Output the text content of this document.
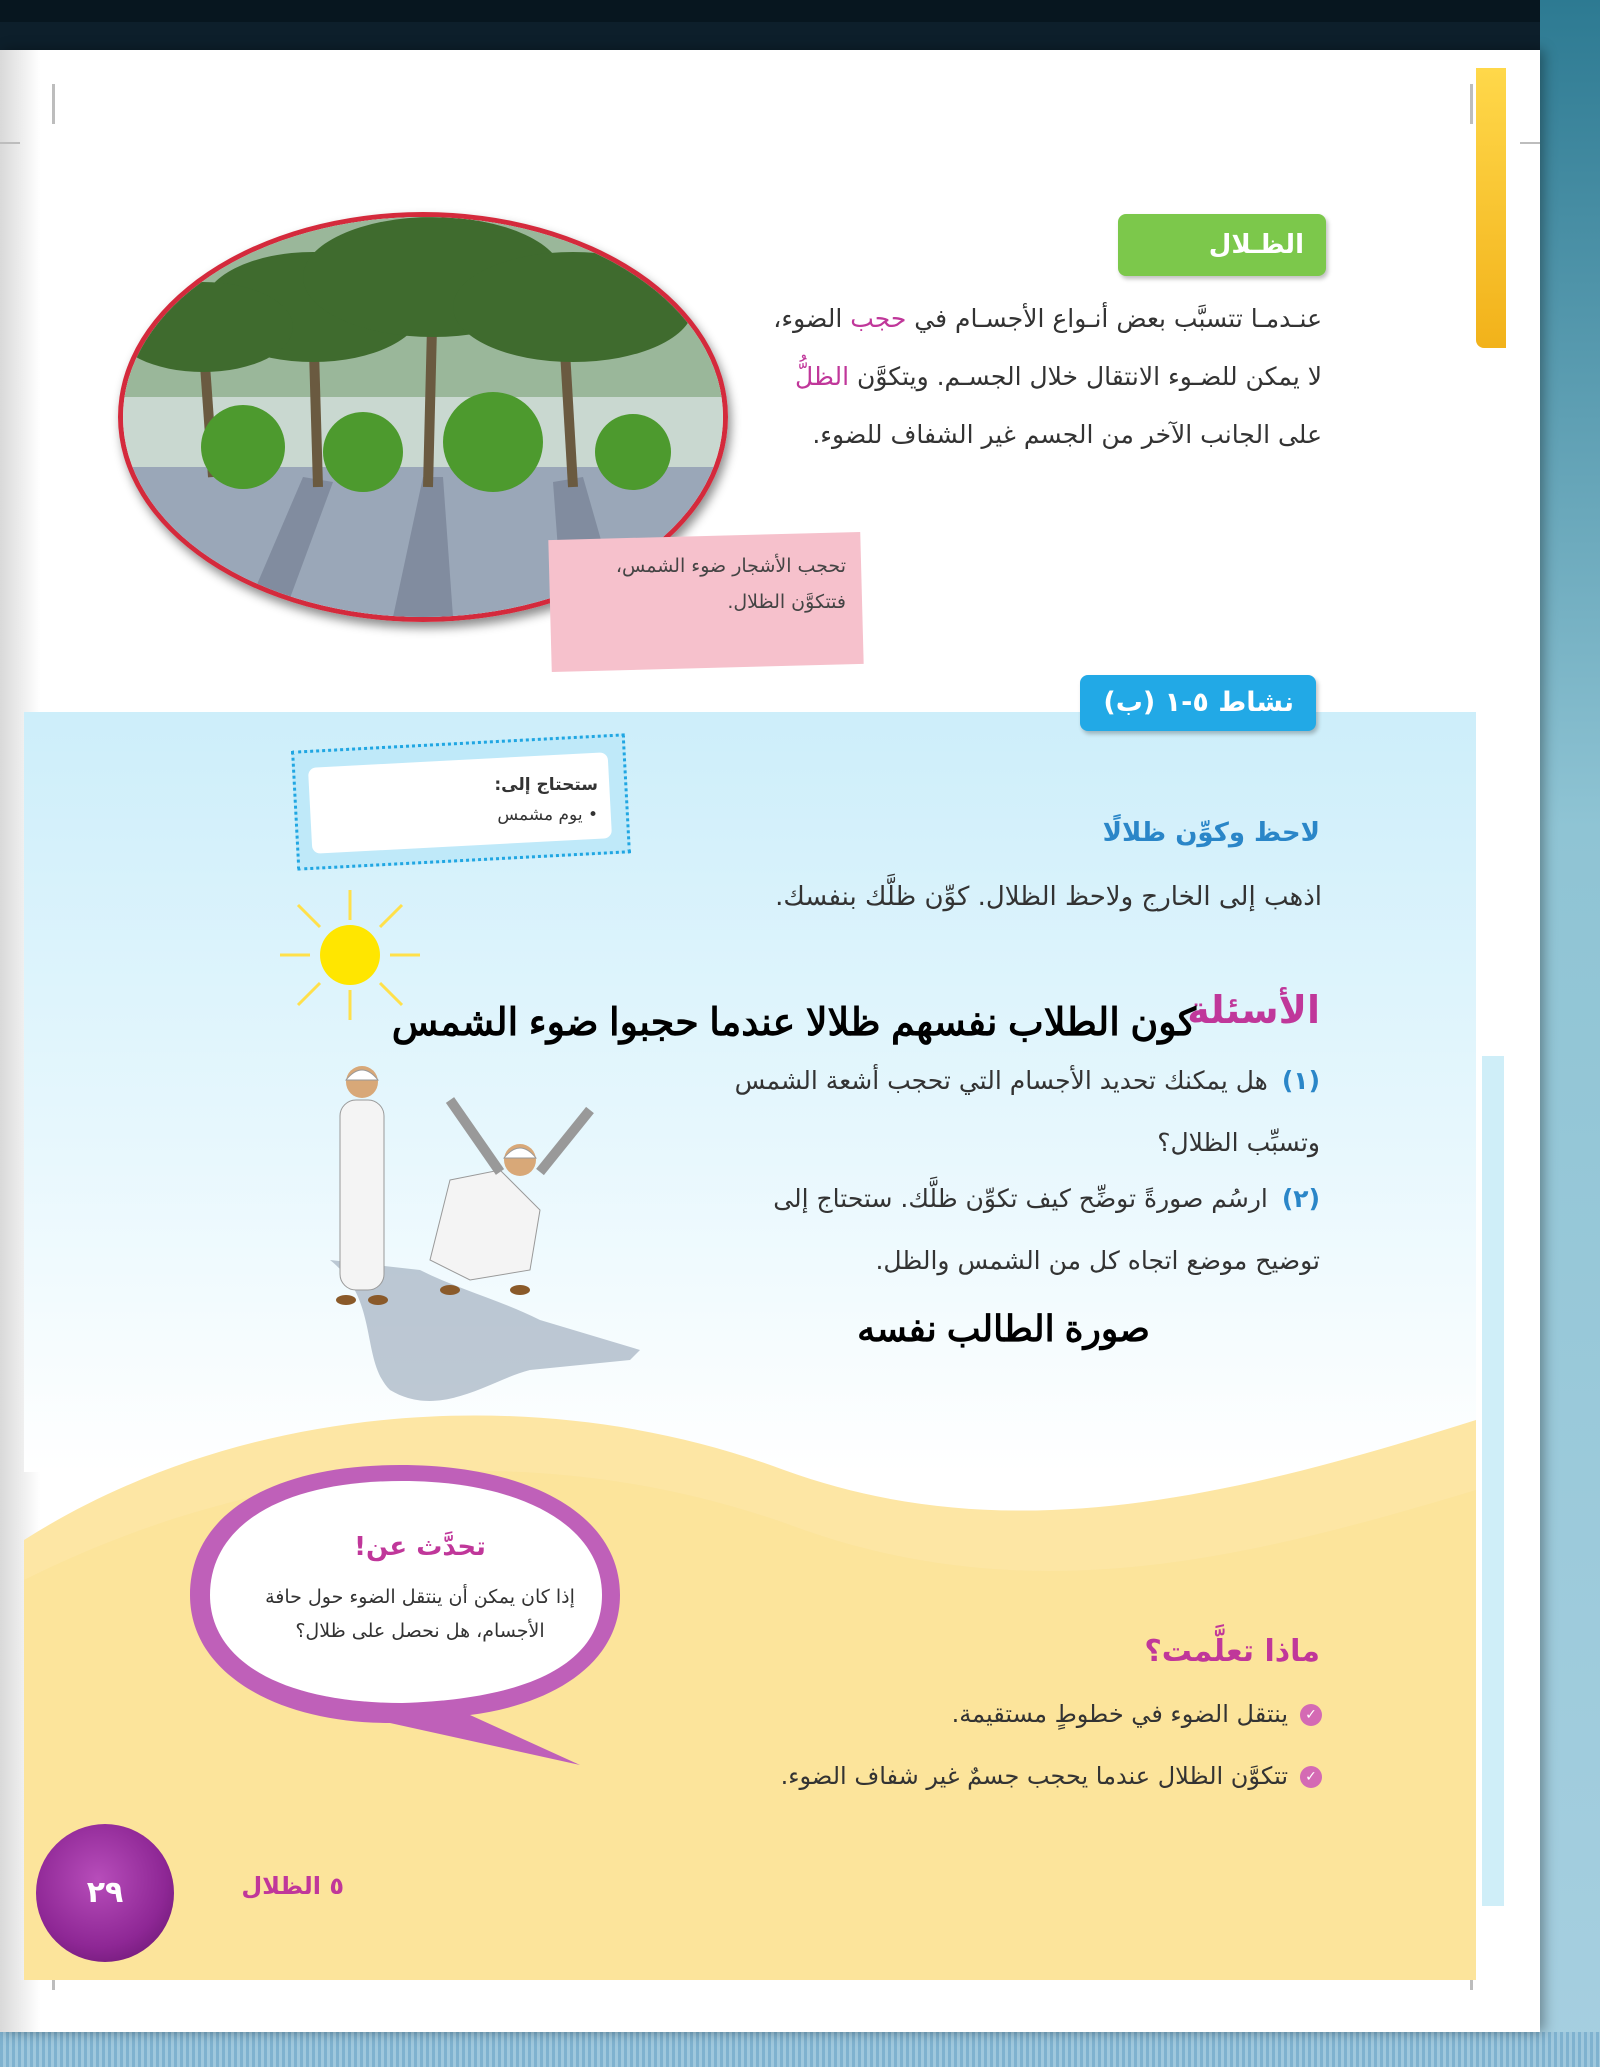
الظـلال
عنـدمـا تتسبَّب بعض أنـواع الأجسـام في حجب الضوء، لا يمكن للضـوء الانتقال خلال الجسـم. ويتكوَّن الظلُّ على الجانب الآخر من الجسم غير الشفاف للضوء.
تحجب الأشجار ضوء الشمس، فتتكوَّن الظلال.
نشاط ٥-١ (ب)
ستحتاج إلى:
• يوم مشمس
لاحظ وكوِّن ظلالًا
اذهب إلى الخارج ولاحظ الظلال. كوِّن ظلَّك بنفسك.
الأسئلة
كون الطلاب نفسهم ظلالا عندما حجبوا ضوء الشمس
(١)هل يمكنك تحديد الأجسام التي تحجب أشعة الشمس وتسبِّب الظلال؟
(٢)ارسُم صورةً توضِّح كيف تكوِّن ظلَّك. ستحتاج إلى توضيح موضع اتجاه كل من الشمس والظل.
صورة الطالب نفسه
تحدَّث عن!
إذا كان يمكن أن ينتقل الضوء حول حافة الأجسام، هل نحصل على ظلال؟
ماذا تعلَّمت؟
✓ينتقل الضوء في خطوطٍ مستقيمة.
✓تتكوَّن الظلال عندما يحجب جسمٌ غير شفاف الضوء.
٢٩	٥ الظلال
